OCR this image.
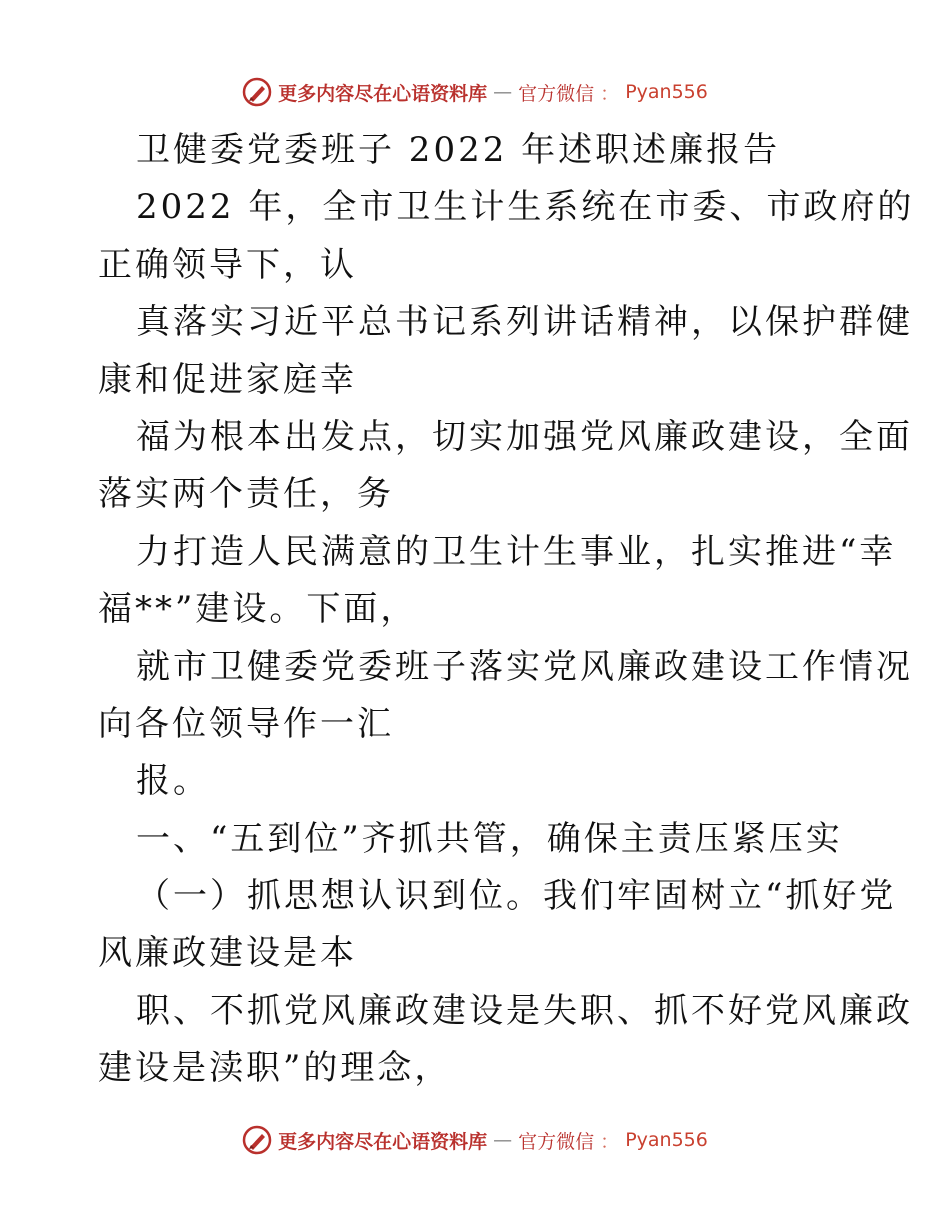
更多内容尽在心语资料库 — 官方微信 ： Pyan556
卫健委党委班子 2022 年述职述廉报告
2022 年，全市卫生计生系统在市委、市政府的
正确领导下，认
真落实习近平总书记系列讲话精神，以保护群健
康和促进家庭幸
福为根本出发点，切实加强党风廉政建设，全面
落实两个责任，务
力打造人民满意的卫生计生事业，扎实推进“幸
福**”建设。下面，
就市卫健委党委班子落实党风廉政建设工作情况
向各位领导作一汇
报。
一、“五到位”齐抓共管，确保主责压紧压实
（一）抓思想认识到位。我们牢固树立“抓好党
风廉政建设是本
职、不抓党风廉政建设是失职、抓不好党风廉政
建设是渎职”的理念，
更多内容尽在心语资料库 — 官方微信 ： Pyan556
